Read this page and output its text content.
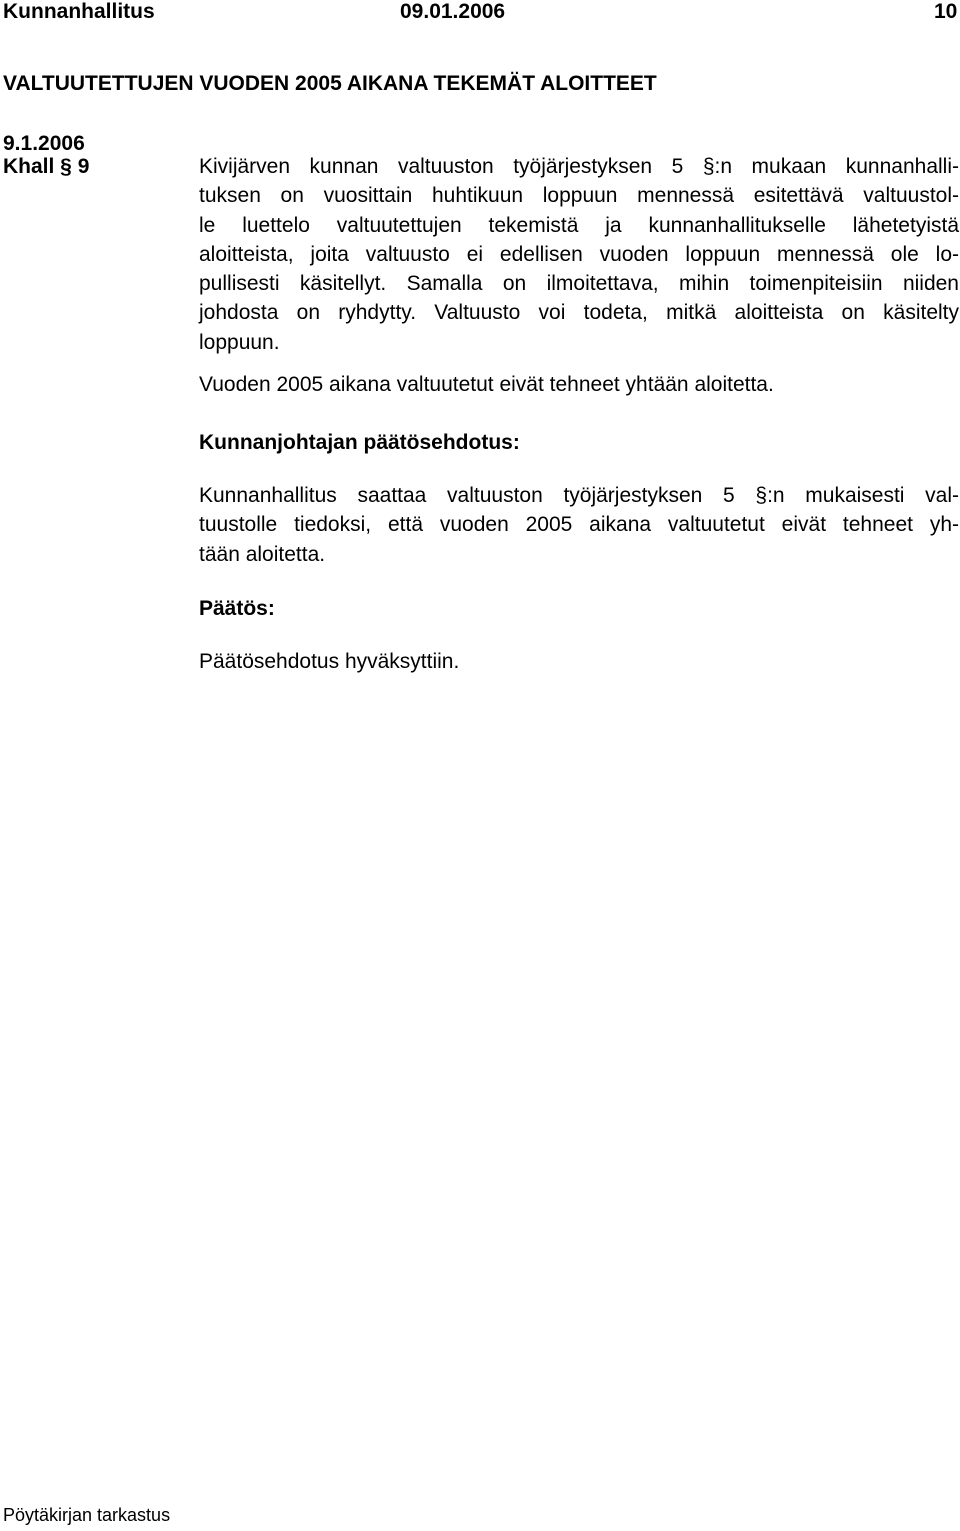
Kunnanhallitus	09.01.2006	10
VALTUUTETTUJEN VUODEN 2005 AIKANA TEKEMÄT ALOITTEET
9.1.2006
Khall § 9	Kivijärven kunnan valtuuston työjärjestyksen 5 §:n mukaan kunnanhalli-
tuksen on vuosittain huhtikuun loppuun mennessä esitettävä valtuustol-
le luettelo valtuutettujen tekemistä ja kunnanhallitukselle lähetetyistä
aloitteista, joita valtuusto ei edellisen vuoden loppuun mennessä ole lo-
pullisesti käsitellyt. Samalla on ilmoitettava, mihin toimenpiteisiin niiden
johdosta on ryhdytty. Valtuusto voi todeta, mitkä aloitteista on käsitelty
loppuun.
Vuoden 2005 aikana valtuutetut eivät tehneet yhtään aloitetta.
Kunnanjohtajan päätösehdotus:
Kunnanhallitus saattaa valtuuston työjärjestyksen 5 §:n mukaisesti val-
tuustolle tiedoksi, että vuoden 2005 aikana valtuutetut eivät tehneet yh-
tään aloitetta.
Päätös:
Päätösehdotus hyväksyttiin.
Pöytäkirjan tarkastus
